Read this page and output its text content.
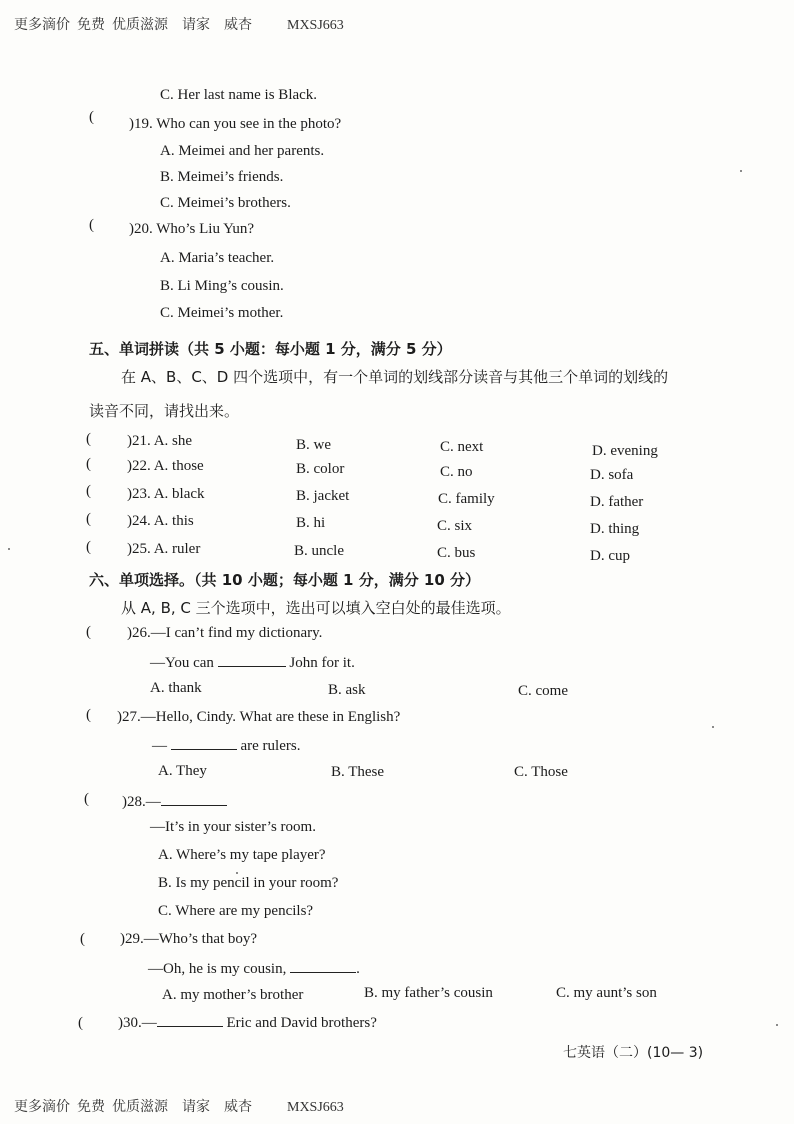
更多滴价  免费  优质滋源    请家    威杏          MXSJ663
更多滴价  免费  优质滋源    请家    威杏          MXSJ663
C. Her last name is Black.
( )19. Who can you see in the photo?
A. Meimei and her parents.
B. Meimei’s friends.
C. Meimei’s brothers.
( )20. Who’s Liu Yun?
A. Maria’s teacher.
B. Li Ming’s cousin.
C. Meimei’s mother.
五、单词拼读（共 5 小题：每小题 1 分，满分 5 分）
在 A、B、C、D 四个选项中，有一个单词的划线部分读音与其他三个单词的划线的
读音不同，请找出来。
( )21. A. she	B. we	C. next	D. evening
( )22. A. those	B. color	C. no	D. sofa
( )23. A. black	B. jacket	C. family	D. father
( )24. A. this	B. hi	C. six	D. thing
( )25. A. ruler	B. uncle	C. bus	D. cup
六、单项选择。（共 10 小题；每小题 1 分，满分 10 分）
从 A, B, C 三个选项中，选出可以填入空白处的最佳选项。
( )26.—I can’t find my dictionary.
—You can	John for it.
A. thank	B. ask	C. come
( )27.—Hello, Cindy. What are these in English?
—	are rulers.
A. They	B. These	C. Those
( )28.—
—It’s in your sister’s room.
A. Where’s my tape player?
B. Is my pencil in your room?
C. Where are my pencils?
( )29.—Who’s that boy?
—Oh, he is my cousin,	.
A. my mother’s brother	B. my father’s cousin	C. my aunt’s son
( )30.—	Eric and David brothers?
七英语（二）(10— 3)
